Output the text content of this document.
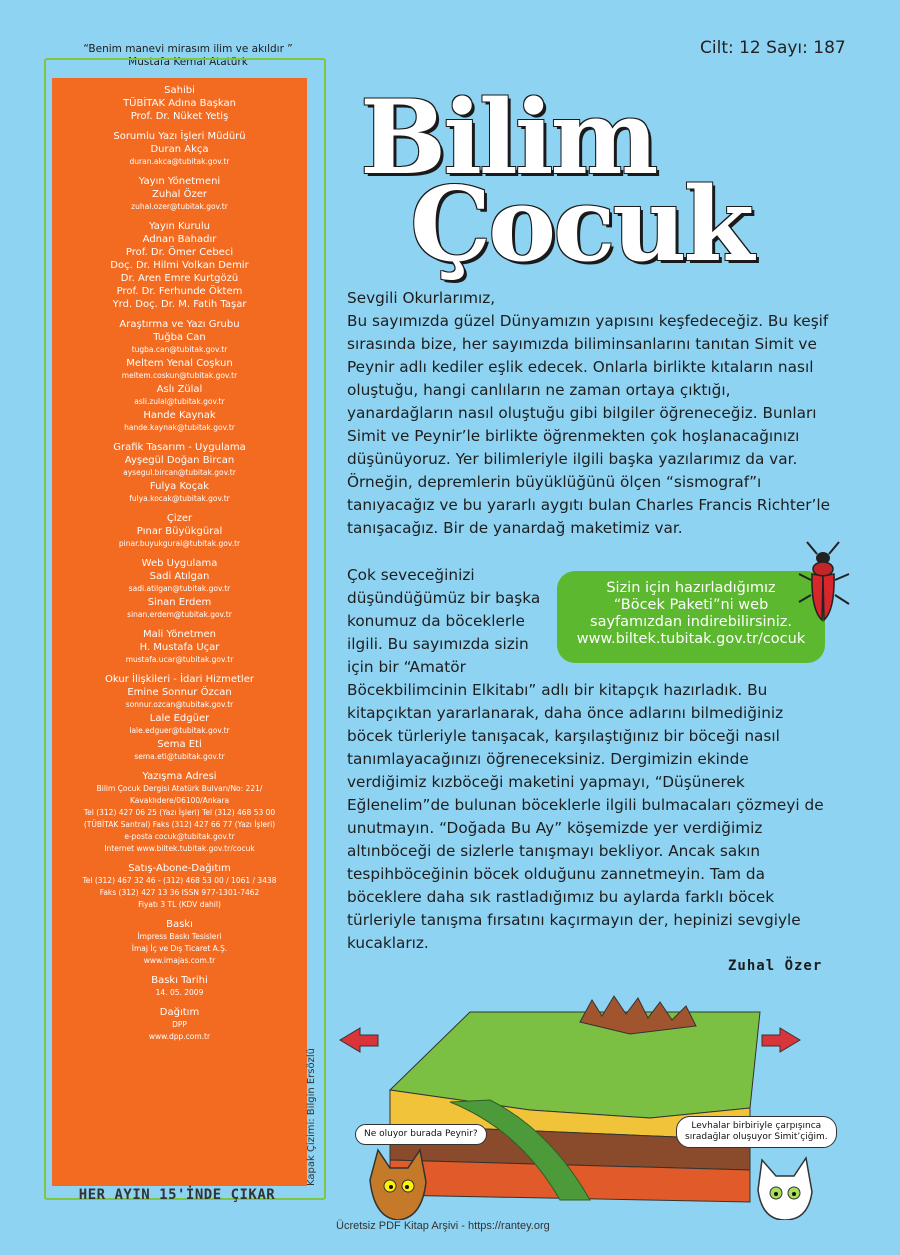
“Benim manevi mirasım ilim ve akıldır ”
Mustafa Kemal Atatürk
Sahibi
TÜBİTAK Adına Başkan
Prof. Dr. Nüket Yetiş
Sorumlu Yazı İşleri Müdürü
Duran Akça
duran.akca@tubitak.gov.tr
Yayın Yönetmeni
Zuhal Özer
zuhal.ozer@tubitak.gov.tr
Yayın Kurulu
Adnan Bahadır
Prof. Dr. Ömer Cebeci
Doç. Dr. Hilmi Volkan Demir
Dr. Aren Emre Kurtgözü
Prof. Dr. Ferhunde Öktem
Yrd. Doç. Dr. M. Fatih Taşar
Araştırma ve Yazı Grubu
Tuğba Can
tugba.can@tubitak.gov.tr
Meltem Yenal Coşkun
meltem.coskun@tubitak.gov.tr
Aslı Zülal
asli.zulal@tubitak.gov.tr
Hande Kaynak
hande.kaynak@tubitak.gov.tr
Grafik Tasarım - Uygulama
Ayşegül Doğan Bircan
aysegul.bircan@tubitak.gov.tr
Fulya Koçak
fulya.kocak@tubitak.gov.tr
Çizer
Pınar Büyükgüral
pinar.buyukgural@tubitak.gov.tr
Web Uygulama
Sadi Atılgan
sadi.atilgan@tubitak.gov.tr
Sinan Erdem
sinan.erdem@tubitak.gov.tr
Mali Yönetmen
H. Mustafa Uçar
mustafa.ucar@tubitak.gov.tr
Okur İlişkileri - İdari Hizmetler
Emine Sonnur Özcan
sonnur.ozcan@tubitak.gov.tr
Lale Edgüer
lale.edguer@tubitak.gov.tr
Sema Eti
sema.eti@tubitak.gov.tr
Yazışma Adresi
Bilim Çocuk Dergisi Atatürk Bulvarı/No: 221/
Kavaklıdere/06100/Ankara
Tel (312) 427 06 25 (Yazı İşleri) Tel (312) 468 53 00
(TÜBİTAK Santral) Faks (312) 427 66 77 (Yazı İşleri)
e-posta cocuk@tubitak.gov.tr
Internet www.biltek.tubitak.gov.tr/cocuk
Satış-Abone-Dağıtım
Tel (312) 467 32 46 - (312) 468 53 00 / 1061 / 3438
Faks (312) 427 13 36 ISSN 977-1301-7462
Fiyatı 3 TL (KDV dahil)
Baskı
İmpress Baskı Tesisleri
İmaj İç ve Dış Ticaret A.Ş.
www.imajas.com.tr
Baskı Tarihi
14. 05. 2009
Dağıtım
DPP
www.dpp.com.tr
HER AYIN 15'İNDE ÇIKAR
Kapak Çizimi: Bilgin Ersözlü
Cilt: 12 Sayı: 187
Bilim
Çocuk
Sevgili Okurlarımız,
Bu sayımızda güzel Dünyamızın yapısını keşfedeceğiz. Bu keşif sırasında bize, her sayımızda biliminsanlarını tanıtan Simit ve Peynir adlı kediler eşlik edecek. Onlarla birlikte kıtaların nasıl oluştuğu, hangi canlıların ne zaman ortaya çıktığı, yanardağların nasıl oluştuğu gibi bilgiler öğreneceğiz. Bunları Simit ve Peynir’le birlikte öğrenmekten çok hoşlanacağınızı düşünüyoruz. Yer bilimleriyle ilgili başka yazılarımız da var. Örneğin, depremlerin büyüklüğünü ölçen “sismograf”ı tanıyacağız ve bu yararlı aygıtı bulan Charles Francis Richter’le tanışacağız. Bir de yanardağ maketimiz var.
Çok seveceğinizi düşündüğümüz bir başka konumuz da böceklerle ilgili. Bu sayımızda sizin için bir “Amatör
Böcekbilimcinin Elkitabı” adlı bir kitapçık hazırladık. Bu kitapçıktan yararlanarak, daha önce adlarını bilmediğiniz böcek türleriyle tanışacak, karşılaştığınız bir böceği nasıl tanımlayacağınızı öğreneceksiniz. Dergimizin ekinde verdiğimiz kızböceği maketini yapmayı, “Düşünerek Eğlenelim”de bulunan böceklerle ilgili bulmacaları çözmeyi de unutmayın. “Doğada Bu Ay” köşemizde yer verdiğimiz altınböceği de sizlerle tanışmayı bekliyor. Ancak sakın tespihböceğinin böcek olduğunu zannetmeyin. Tam da böceklere daha sık rastladığımız bu aylarda farklı böcek türleriyle tanışma fırsatını kaçırmayın der, hepinizi sevgiyle kucaklarız.
Zuhal Özer
Sizin için hazırladığımız
“Böcek Paketi”ni web
sayfamızdan indirebilirsiniz.
www.biltek.tubitak.gov.tr/cocuk
Ne oluyor burada Peynir?
Levhalar birbiriyle çarpışınca
sıradağlar oluşuyor Simit’çiğim.
Ücretsiz PDF Kitap Arşivi - https://rantey.org
